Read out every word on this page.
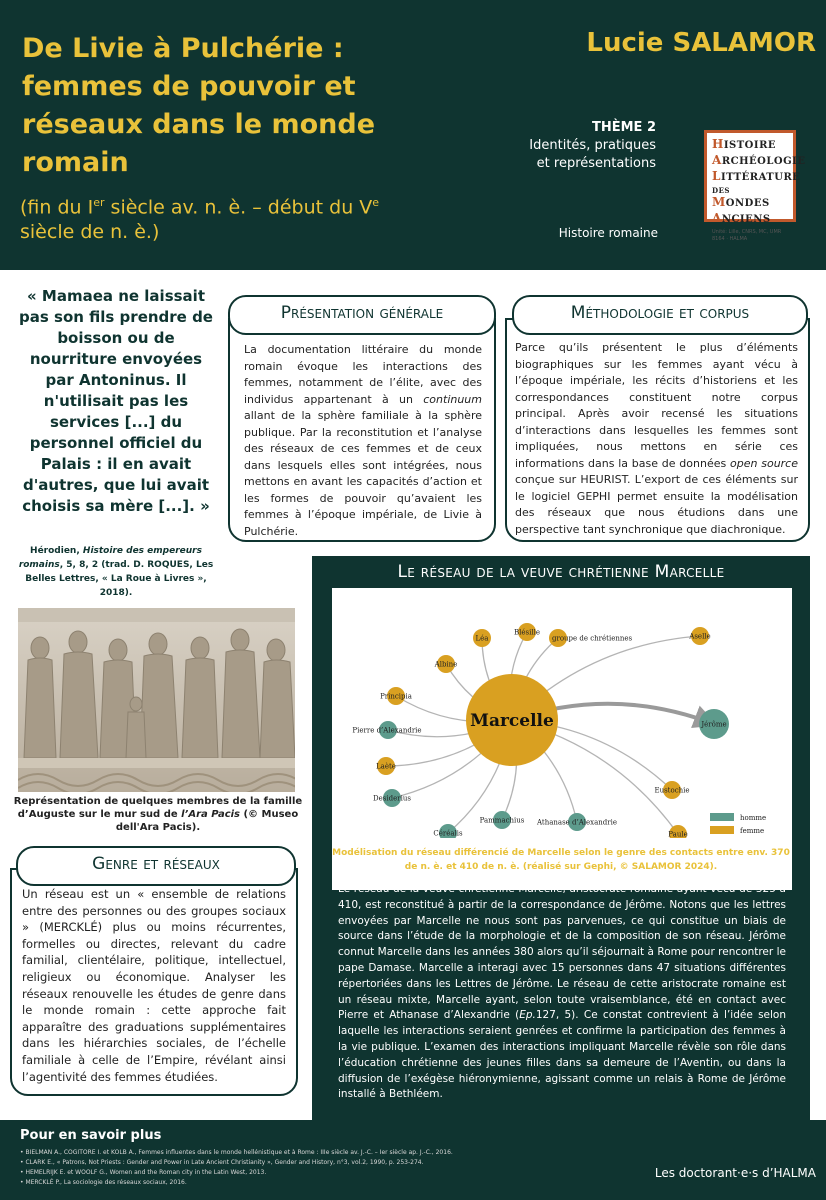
De Livie à Pulchérie : femmes de pouvoir et réseaux dans le monde romain
(fin du Ier siècle av. n. è. – début du Ve siècle de n. è.)
Lucie SALAMOR
THÈME 2
Identités, pratiques et représentations
Histoire romaine
HISTOIRE
ARCHÉOLOGIE
LITTÉRATURE
DES
MONDES
ANCIENS
Unité: Lille, CNRS, MC, UMR 8164 · HALMA
« Mamaea ne laissait pas son fils prendre de boisson ou de nourriture envoyées par Antoninus. Il n'utilisait pas les services [...] du personnel officiel du Palais : il en avait d'autres, que lui avait choisis sa mère [...]. »
Hérodien, Histoire des empereurs romains, 5, 8, 2 (trad. D. ROQUES, Les Belles Lettres, « La Roue à Livres », 2018).
Représentation de quelques membres de la famille d’Auguste sur le mur sud de l’Ara Pacis (© Museo dell'Ara Pacis).
Présentation générale

La documentation littéraire du monde romain évoque les interactions des femmes, notamment de l’élite, avec des individus appartenant à un continuum allant de la sphère familiale à la sphère publique. Par la reconstitution et l’analyse des réseaux de ces femmes et de ceux dans lesquels elles sont intégrées, nous mettons en avant les capacités d’action et les formes de pouvoir qu’avaient les femmes à l’époque impériale, de Livie à Pulchérie.

Méthodologie et corpus

Parce qu’ils présentent le plus d’éléments biographiques sur les femmes ayant vécu à l’époque impériale, les récits d’historiens et les correspondances constituent notre corpus principal. Après avoir recensé les situations d’interactions dans lesquelles les femmes sont impliquées, nous mettons en série ces informations dans la base de données open source conçue sur HEURIST. L’export de ces éléments sur le logiciel GEPHI permet ensuite la modélisation des réseaux que nous étudions dans une perspective tant synchronique que diachronique.

Le réseau de la veuve chrétienne Marcelle
Léa
Blésille
groupe de chrétiennes	Aselle
Albine
Principia
Pierre d’Alexandrie
Jérôme
Laète
Desiderius
Eustochie
Paule
Céréalis
Pammachius Athanase d’Alexandrie
Marcelle
homme
femme
Modélisation du réseau différencié de Marcelle selon le genre des contacts entre env. 370 de n. è. et 410 de n. è. (réalisé sur Gephi, © SALAMOR 2024).
Le réseau de la veuve chrétienne Marcelle, aristocrate romaine ayant vécu de 325 à 410, est reconstitué à partir de la correspondance de Jérôme. Notons que les lettres envoyées par Marcelle ne nous sont pas parvenues, ce qui constitue un biais de source dans l’étude de la morphologie et de la composition de son réseau. Jérôme connut Marcelle dans les années 380 alors qu’il séjournait à Rome pour rencontrer le pape Damase. Marcelle a interagi avec 15 personnes dans 47 situations différentes répertoriées dans les Lettres de Jérôme. Le réseau de cette aristocrate romaine est un réseau mixte, Marcelle ayant, selon toute vraisemblance, été en contact avec Pierre et Athanase d’Alexandrie (Ep.127, 5). Ce constat contrevient à l’idée selon laquelle les interactions seraient genrées et confirme la participation des femmes à la vie publique. L’examen des interactions impliquant Marcelle révèle son rôle dans l’éducation chrétienne des jeunes filles dans sa demeure de l’Aventin, ou dans la diffusion de l’exégèse hiéronymienne, agissant comme un relais à Rome de Jérôme installé à Bethléem.
Genre et réseaux

Un réseau est un « ensemble de relations entre des personnes ou des groupes sociaux » (MERCKLÉ) plus ou moins récurrentes, formelles ou directes, relevant du cadre familial, clientélaire, politique, intellectuel, religieux ou économique. Analyser les réseaux renouvelle les études de genre dans le monde romain : cette approche fait apparaître des graduations supplémentaires dans les hiérarchies sociales, de l’échelle familiale à celle de l’Empire, révélant ainsi l’agentivité des femmes étudiées.

Pour en savoir plus
• BIELMAN A., COGITORE I. et KOLB A., Femmes influentes dans le monde hellénistique et à Rome : IIIe siècle av. J.-C. – Ier siècle ap. J.-C., 2016.
• CLARK E., « Patrons, Not Priests : Gender and Power in Late Ancient Christianity », Gender and History, n°3, vol.2, 1990, p. 253-274.
• HEMELRIJK E. et WOOLF G., Women and the Roman city in the Latin West, 2013.
• MERCKLÉ P., La sociologie des réseaux sociaux, 2016.
Les doctorant·e·s d’HALMA
